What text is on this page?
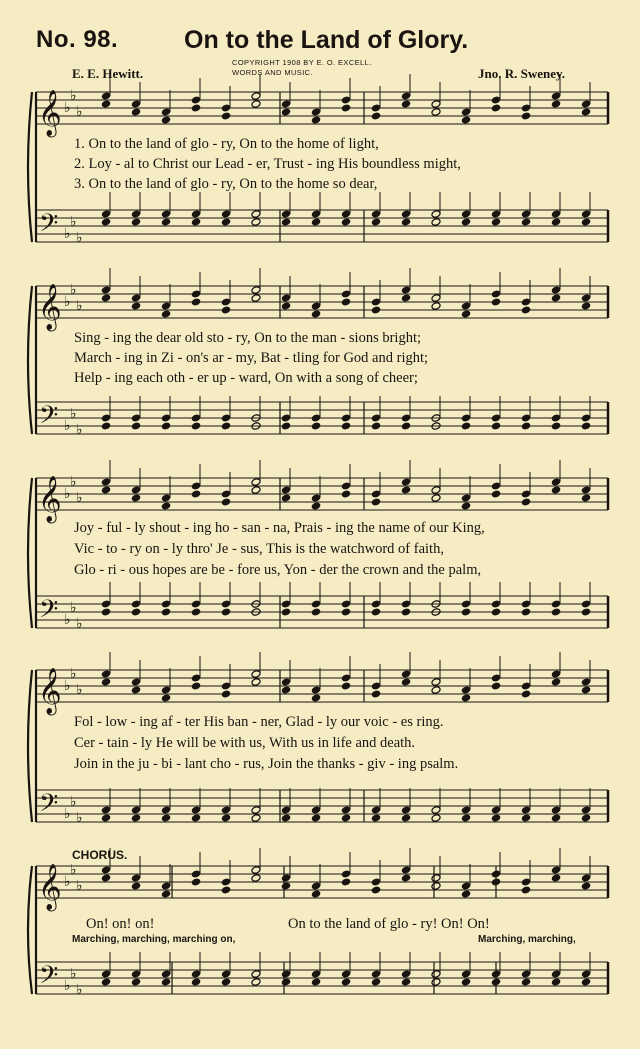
No. 98.	On to the Land of Glory.
E. E. Hewitt.	Jno. R. Sweney.
COPYRIGHT 1908 BY E. O. EXCELL.
WORDS AND MUSIC.
𝄞
𝄢
♭
♭
♭
♭
♭
♭
𝄞
𝄢
♭
♭
♭
♭
♭
♭
𝄞
𝄢
♭
♭
♭
♭
♭
♭
𝄞
𝄢
♭
♭
♭
♭
♭
♭
𝄞
𝄢
♭
♭
♭
♭
♭
♭
1. On to the land of glo - ry, On to the home of light,
2. Loy - al to Christ our Lead - er, Trust - ing His boundless might,
3. On to the land of glo - ry, On to the home so dear,
Sing - ing the dear old sto - ry, On to the man - sions bright;
March - ing in Zi - on's ar - my, Bat - tling for God and right;
Help - ing each oth - er up - ward, On with a song of cheer;
Joy - ful - ly shout - ing ho - san - na, Prais - ing the name of our King,
Vic - to - ry on - ly thro' Je - sus, This is the watchword of faith,
Glo - ri - ous hopes are be - fore us, Yon - der the crown and the palm,
Fol - low - ing af - ter His ban - ner, Glad - ly our voic - es ring.
Cer - tain - ly He will be with us, With us in life and death.
Join in the ju - bi - lant cho - rus, Join the thanks - giv - ing psalm.
CHORUS.
On! on! on!	On to the land of glo - ry! On! On!
Marching, marching, marching on,	Marching, marching,
